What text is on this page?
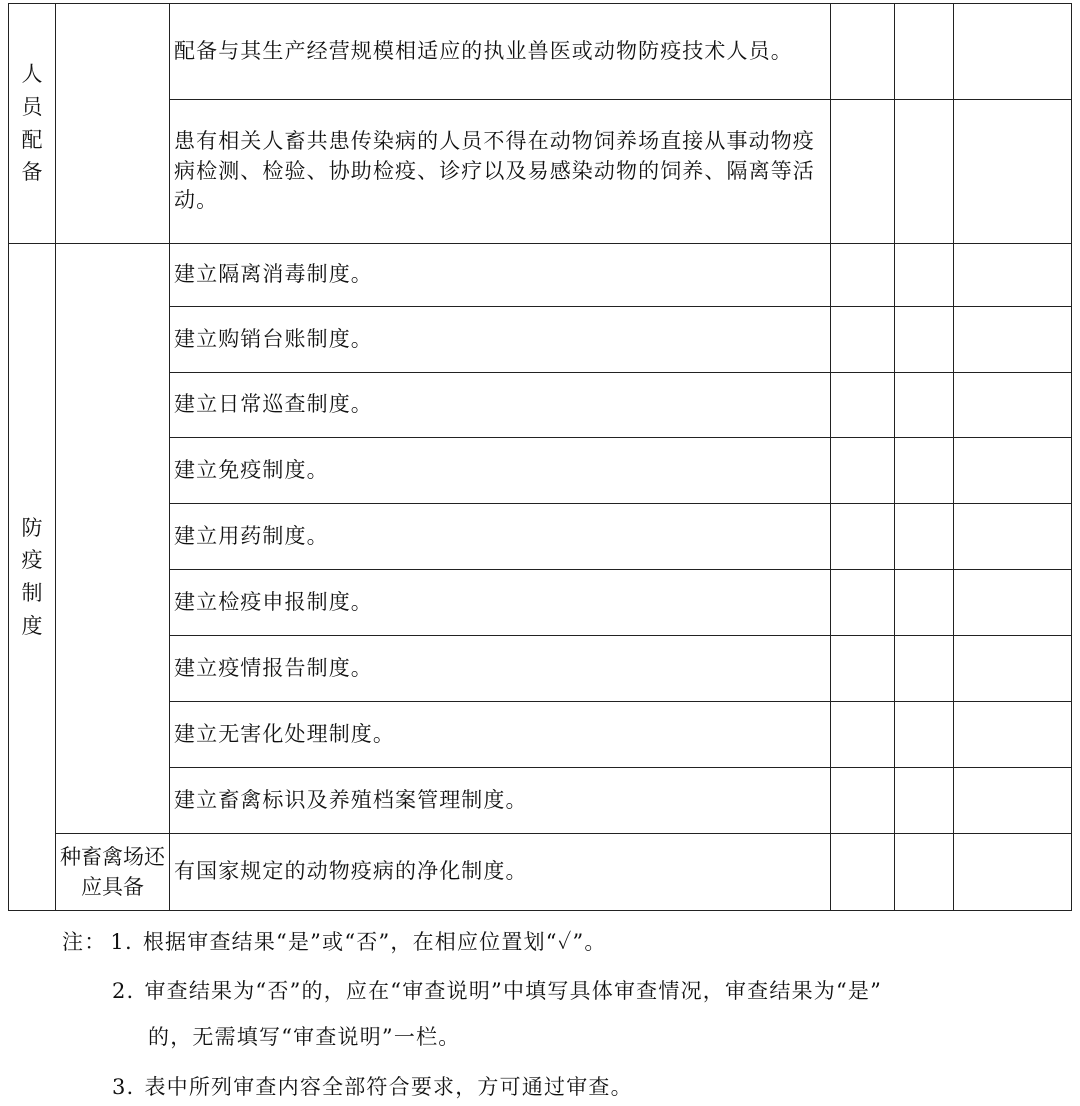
人员配备		配备与其生产经营规模相适应的执业兽医或动物防疫技术人员。			
		患有相关人畜共患传染病的人员不得在动物饲养场直接从事动物疫病检测、检验、协助检疫、诊疗以及易感染动物的饲养、隔离等活动。			
防疫制度		建立隔离消毒制度。			
		建立购销台账制度。			
		建立日常巡查制度。			
		建立免疫制度。			
		建立用药制度。			
		建立检疫申报制度。			
		建立疫情报告制度。			
		建立无害化处理制度。			
		建立畜禽标识及养殖档案管理制度。			
	种畜禽场还应具备	有国家规定的动物疫病的净化制度。			
注： 1. 根据审查结果“是”或“否”，在相应位置划“✓”。
2. 审查结果为“否”的，应在“审查说明”中填写具体审查情况，审查结果为“是”
的，无需填写“审查说明”一栏。
3. 表中所列审查内容全部符合要求，方可通过审查。
